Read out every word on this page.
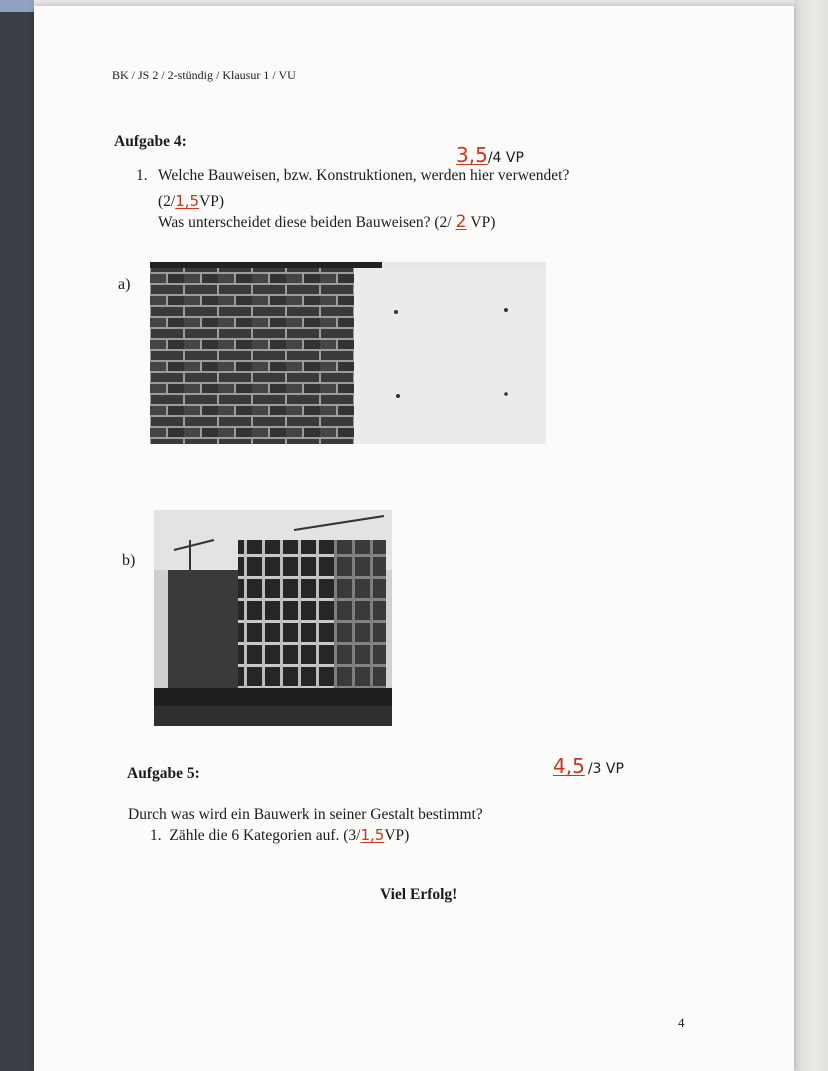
BK / JS 2 / 2-stündig / Klausur 1 / VU
Aufgabe 4:
3,5/4 VP
1. Welche Bauweisen, bzw. Konstruktionen, werden hier verwendet?
(2/1,5VP)
Was unterscheidet diese beiden Bauweisen? (2/ 2 VP)
a)
b)
Aufgabe 5:	4,5 /3 VP
Durch was wird ein Bauwerk in seiner Gestalt bestimmt?
1. Zähle die 6 Kategorien auf. (3/1,5VP)
Viel Erfolg!
4
